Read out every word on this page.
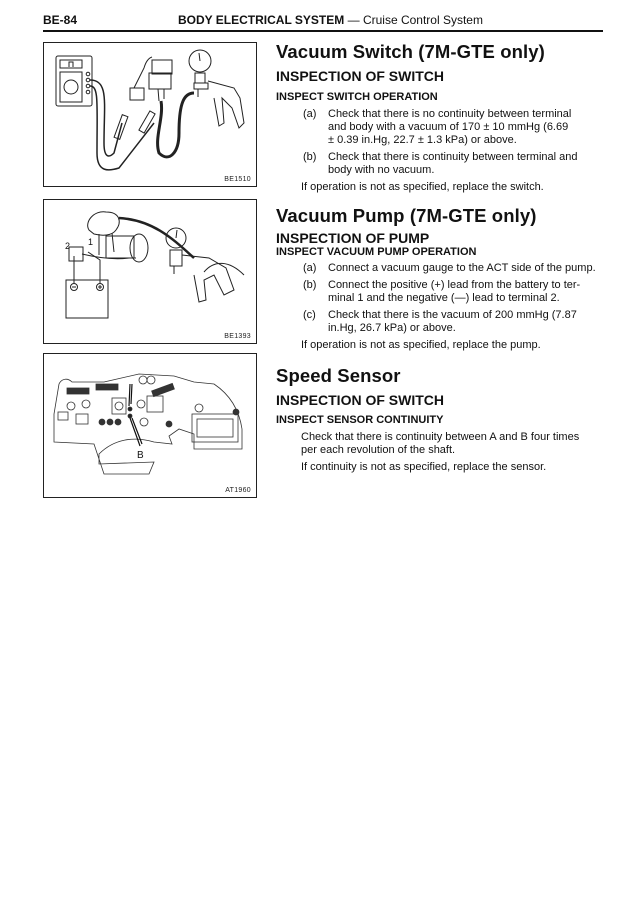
BE-84	BODY ELECTRICAL SYSTEM — Cruise Control System
BE1510
2 1
BE1393
B
AT1960
Vacuum Switch (7M-GTE only)
INSPECTION OF SWITCH
INSPECT SWITCH OPERATION
(a) Check that there is no continuity between terminal
and body with a vacuum of 170 ± 10 mmHg (6.69
± 0.39 in.Hg, 22.7 ± 1.3 kPa) or above.
(b) Check that there is continuity between terminal and
body with no vacuum.
If operation is not as specified, replace the switch.
Vacuum Pump (7M-GTE only)
INSPECTION OF PUMP
INSPECT VACUUM PUMP OPERATION
(a) Connect a vacuum gauge to the ACT side of the pump.
(b) Connect the positive (+) lead from the battery to ter-
minal 1 and the negative (—) lead to terminal 2.
(c) Check that there is the vacuum of 200 mmHg (7.87
in.Hg, 26.7 kPa) or above.
If operation is not as specified, replace the pump.
Speed Sensor
INSPECTION OF SWITCH
INSPECT SENSOR CONTINUITY
Check that there is continuity between A and B four times
per each revolution of the shaft.
If continuity is not as specified, replace the sensor.
